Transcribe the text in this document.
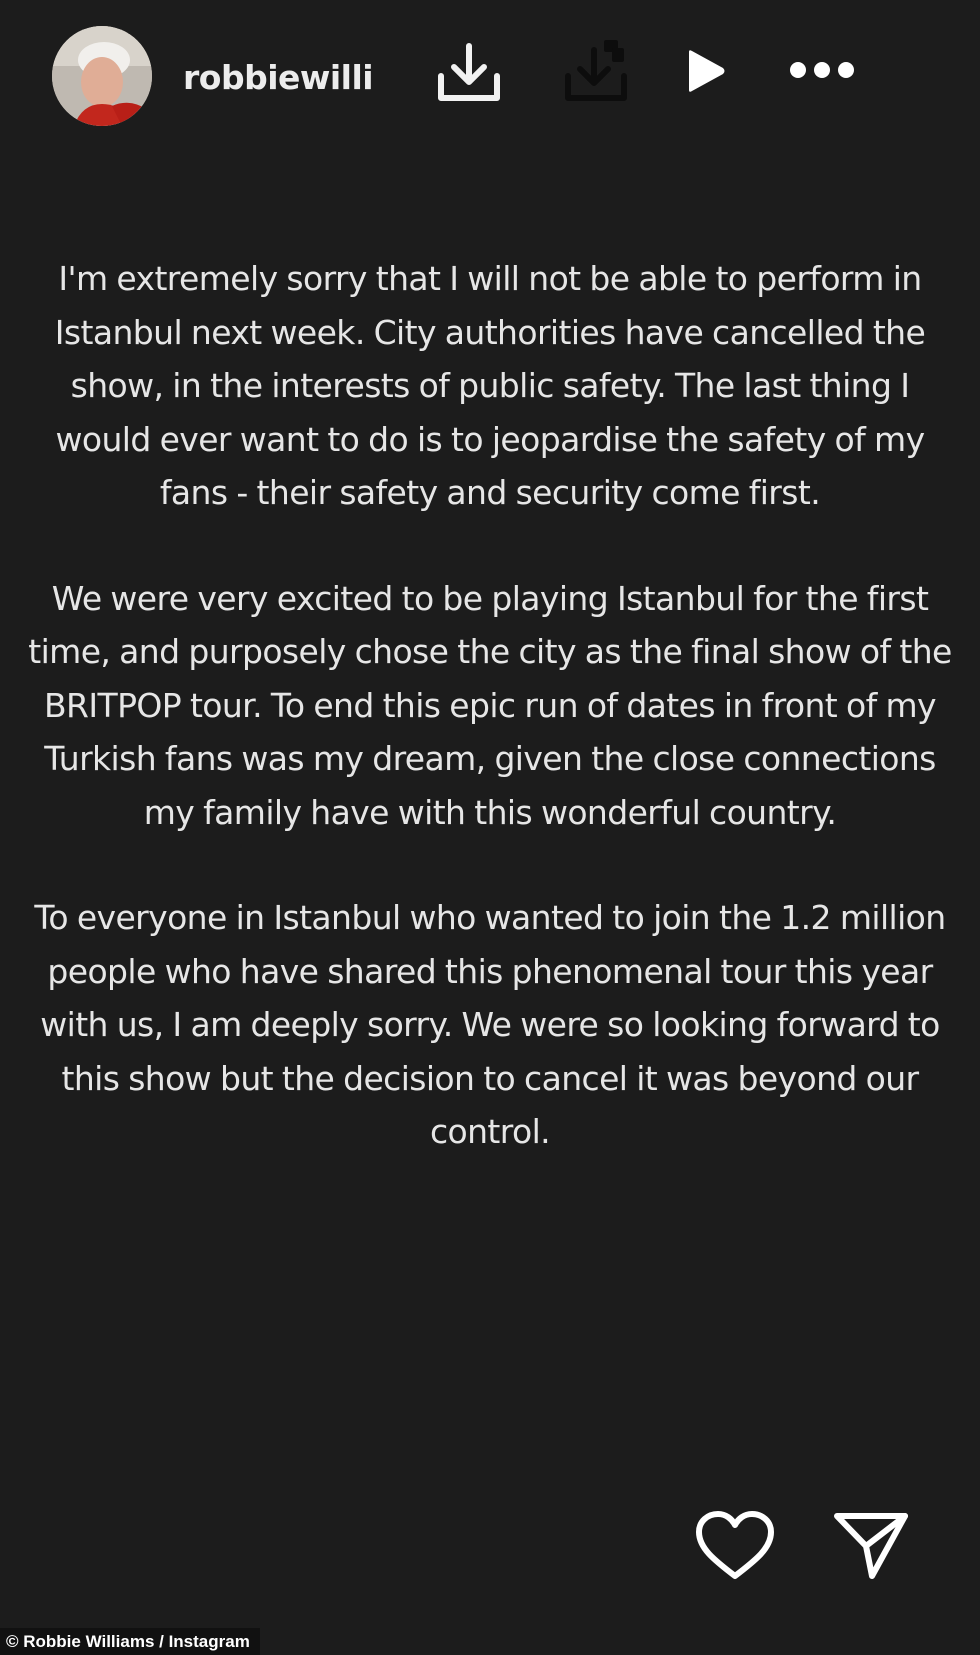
robbiewilli

I'm extremely sorry that I will not be able to perform in Istanbul next week. City authorities have cancelled the show, in the interests of public safety. The last thing I would ever want to do is to jeopardise the safety of my fans - their safety and security come first.

We were very excited to be playing Istanbul for the first time, and purposely chose the city as the final show of the BRITPOP tour. To end this epic run of dates in front of my Turkish fans was my dream, given the close connections my family have with this wonderful country.

To everyone in Istanbul who wanted to join the 1.2 million people who have shared this phenomenal tour this year with us, I am deeply sorry. We were so looking forward to this show but the decision to cancel it was beyond our control.

© Robbie Williams / Instagram
